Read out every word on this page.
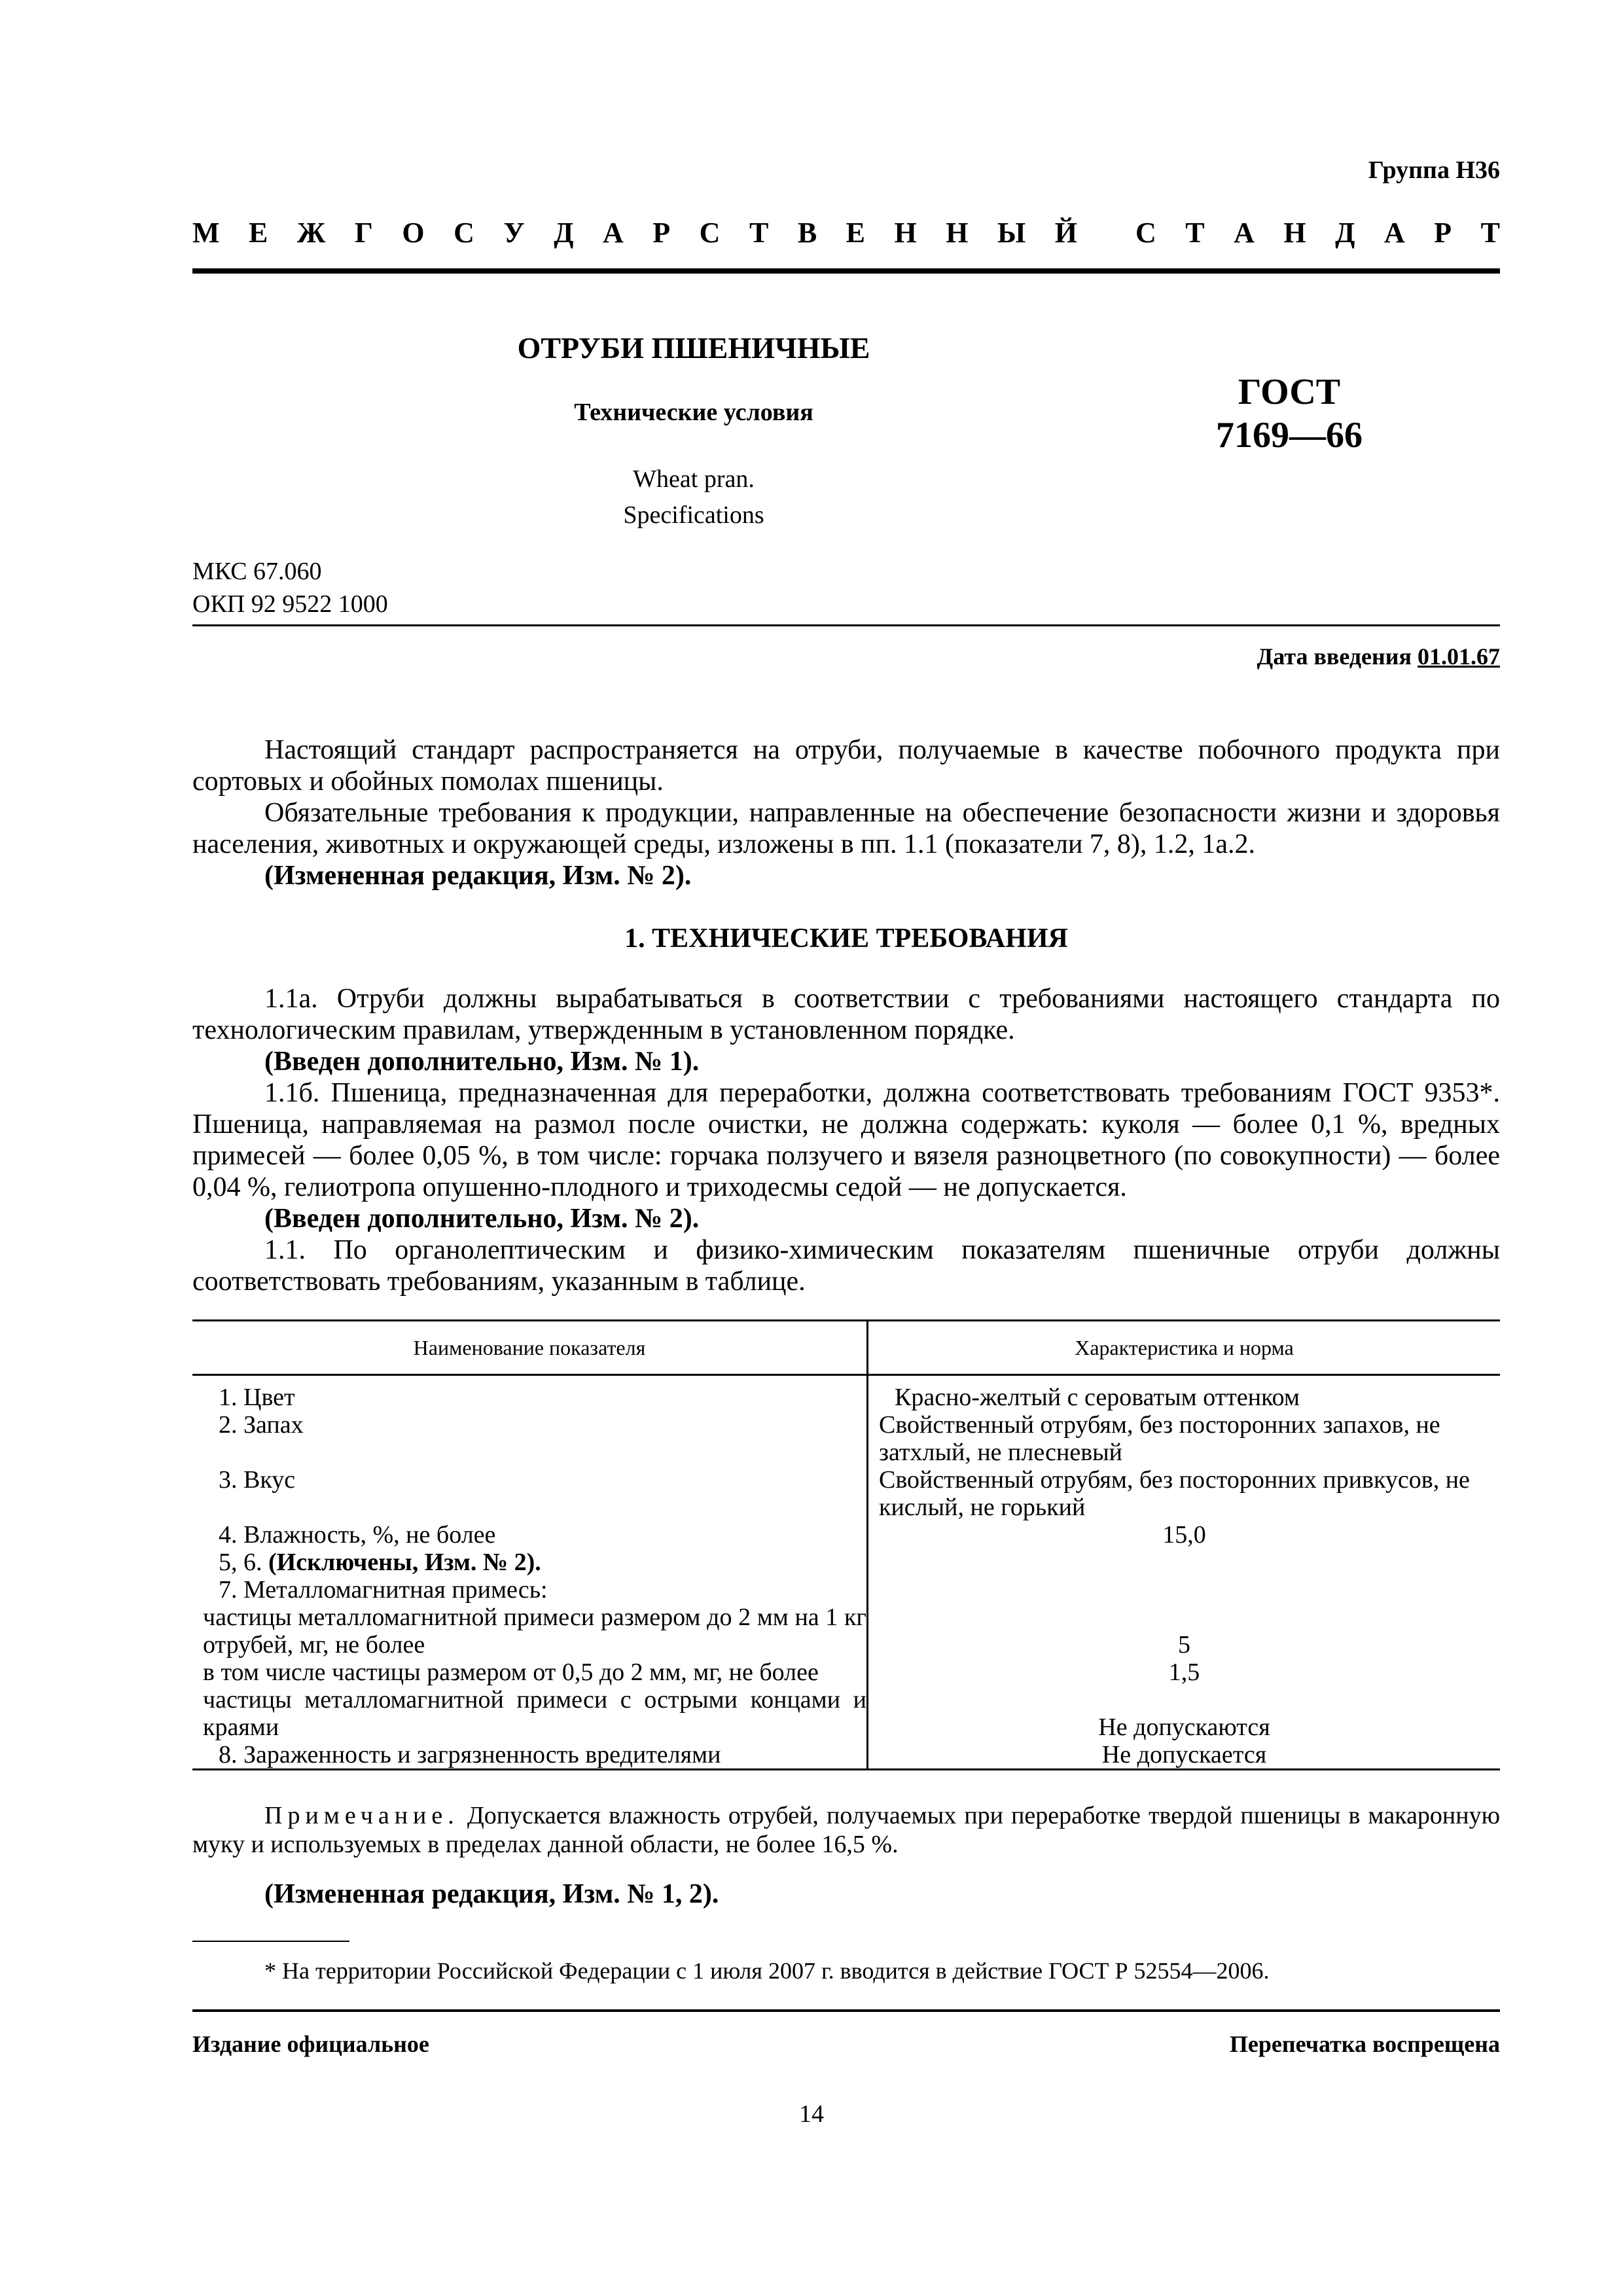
Группа Н36
М Е Ж Г О С У Д А Р С Т В Е Н Н Ы Й С Т А Н Д А Р Т
ОТРУБИ ПШЕНИЧНЫЕ
Технические условия
Wheat pran.
Specifications
ГОСТ
7169—66
МКС 67.060
ОКП 92 9522 1000
Дата введения 01.01.67
Настоящий стандарт распространяется на отруби, получаемые в качестве побочного продукта при сортовых и обойных помолах пшеницы.
Обязательные требования к продукции, направленные на обеспечение безопасности жизни и здоровья населения, животных и окружающей среды, изложены в пп. 1.1 (показатели 7, 8), 1.2, 1а.2.
(Измененная редакция, Изм. № 2).
1. ТЕХНИЧЕСКИЕ ТРЕБОВАНИЯ
1.1а. Отруби должны вырабатываться в соответствии с требованиями настоящего стандарта по технологическим правилам, утвержденным в установленном порядке.
(Введен дополнительно, Изм. № 1).
1.1б. Пшеница, предназначенная для переработки, должна соответствовать требованиям ГОСТ 9353*. Пшеница, направляемая на размол после очистки, не должна содержать: куколя — более 0,1 %, вредных примесей — более 0,05 %, в том числе: горчака ползучего и вязеля разноцветного (по совокупности) — более 0,04 %, гелиотропа опушенно-плодного и триходесмы седой — не допускается.
(Введен дополнительно, Изм. № 2).
1.1. По органолептическим и физико-химическим показателям пшеничные отруби должны соответствовать требованиям, указанным в таблице.
Наименование показателя	Характеристика и норма
1. Цвет	Красно-желтый с сероватым оттенком
2. Запах	Свойственный отрубям, без посторонних запахов, не затхлый, не плесневый
3. Вкус	Свойственный отрубям, без посторонних привкусов, не кислый, не горький
4. Влажность, %, не более	15,0
5, 6. (Исключены, Изм. № 2).	
7. Металломагнитная примесь:	
частицы металломагнитной примеси размером до 2 мм на 1 кг отрубей, мг, не более	5
в том числе частицы размером от 0,5 до 2 мм, мг, не более	1,5
частицы металломагнитной примеси с острыми концами и краями	Не допускаются
8. Зараженность и загрязненность вредителями	Не допускается
Примечание. Допускается влажность отрубей, получаемых при переработке твердой пшеницы в макаронную муку и используемых в пределах данной области, не более 16,5 %.
(Измененная редакция, Изм. № 1, 2).
* На территории Российской Федерации с 1 июля 2007 г. вводится в действие ГОСТ Р 52554—2006.
Издание официальное	Перепечатка воспрещена
14
